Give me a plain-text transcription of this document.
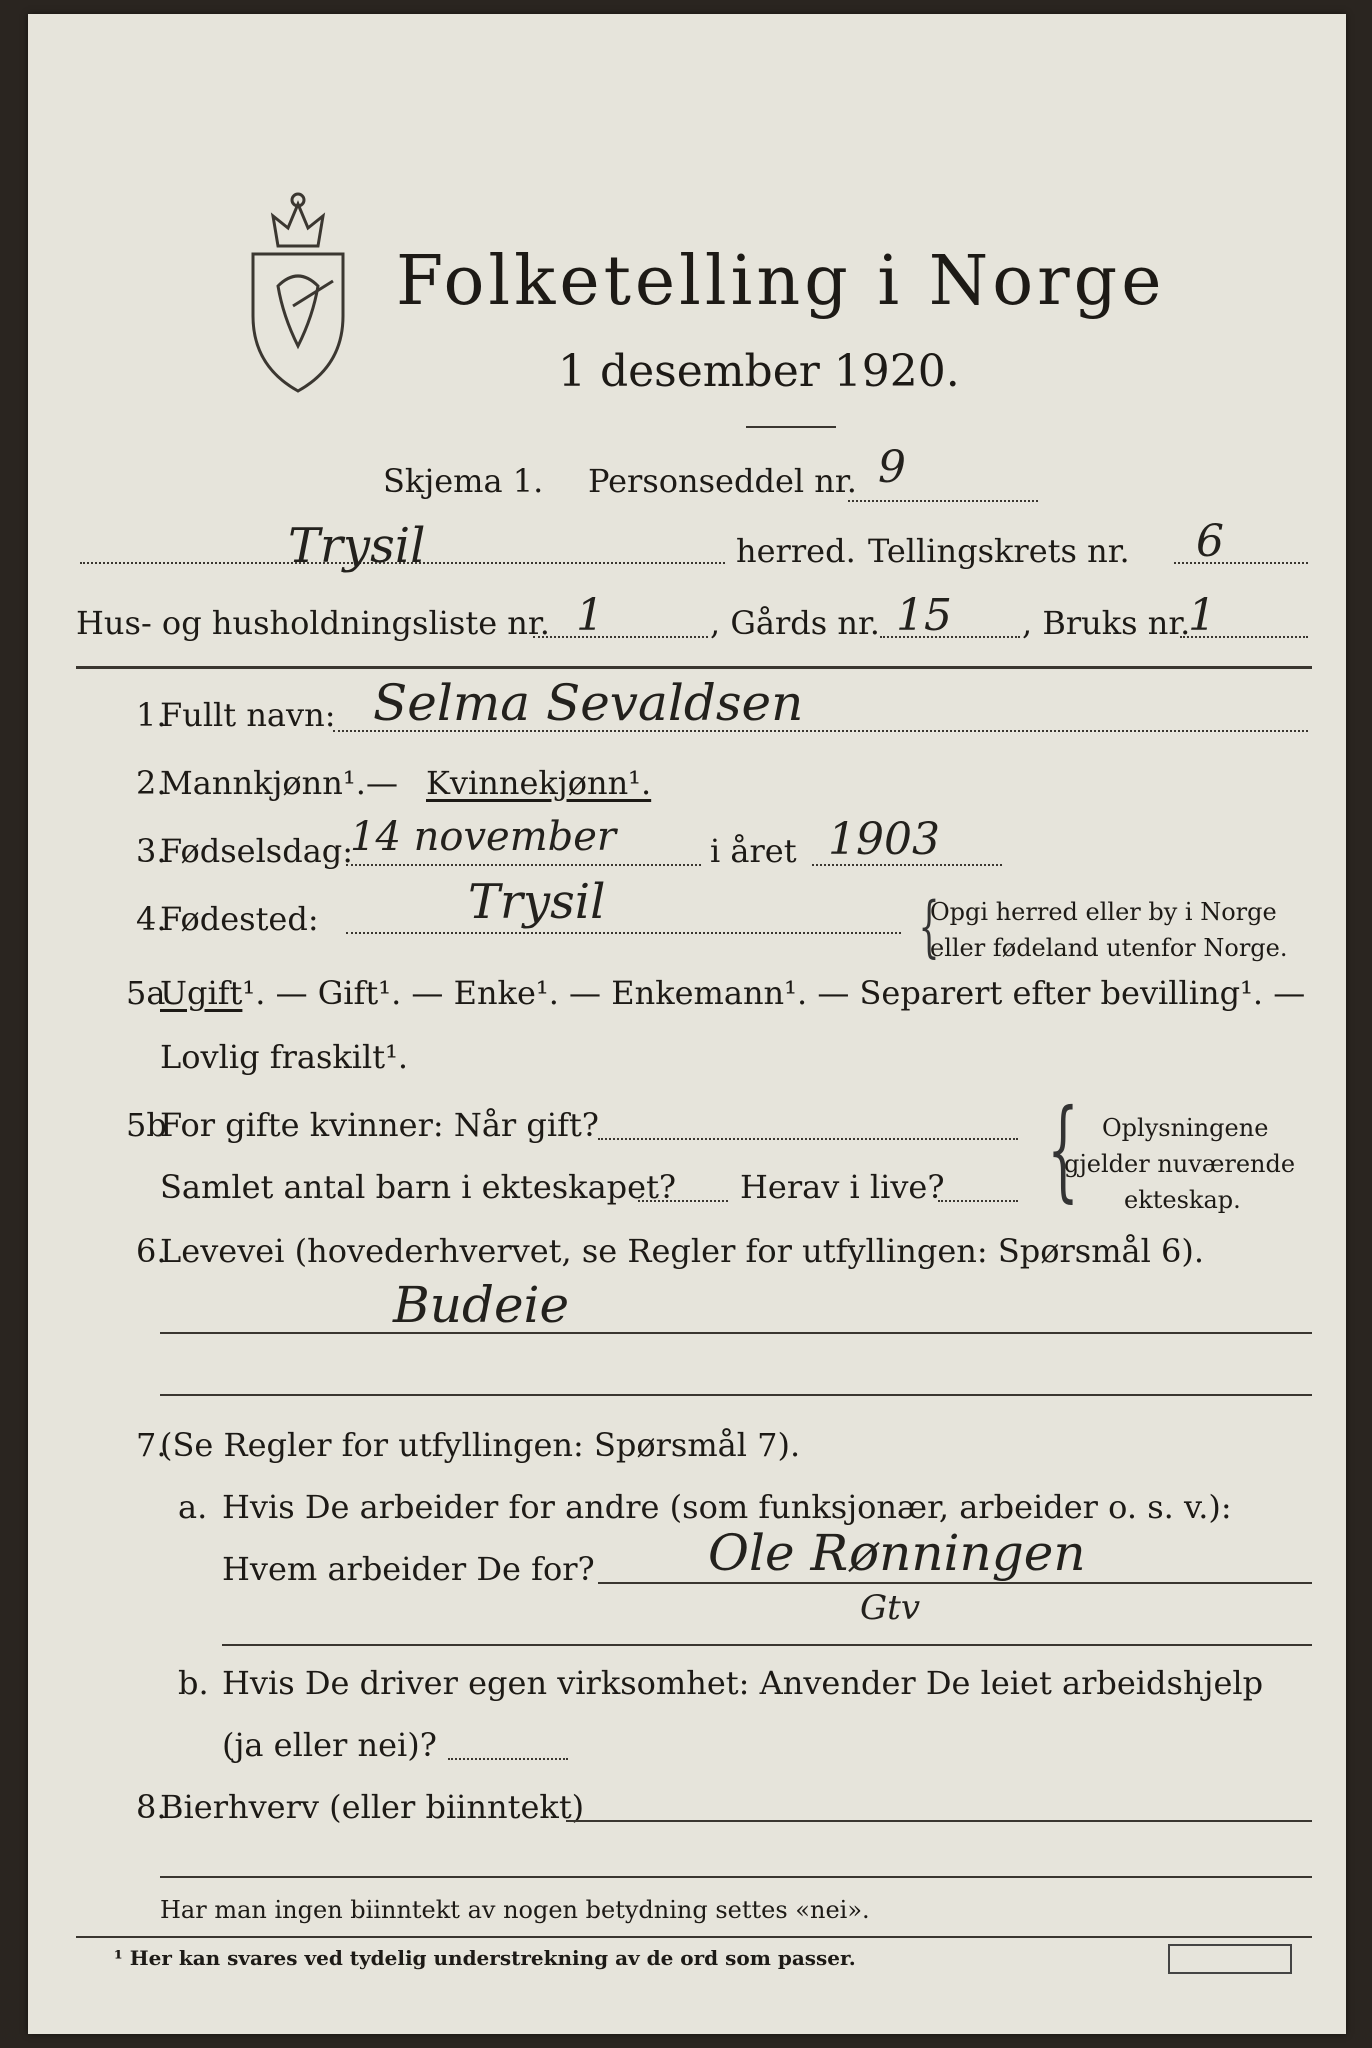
Folketelling i Norge
1 desember 1920.
Skjema 1. Personseddel nr. 9
Trysil	herred. Tellingskrets nr. 6
Hus- og husholdningsliste nr. 1	, Gårds nr. 15 , Bruks nr.
1
1.
Fullt navn: Selma Sevaldsen
2.
Mannkjønn¹. — Kvinnekjønn¹.
3.
Fødselsdag:
14 november	i året 1903
4.
Fødested:	Trysil	{
Opgi herred eller by i Norge
eller fødeland utenfor Norge.
5a
Ugift¹. — Gift¹. — Enke¹. — Enkemann¹. — Separert efter bevilling¹. —
Lovlig fraskilt¹.
5b
For gifte kvinner: Når gift?
Samlet antal barn i ekteskapet? Herav i live? { Oplysningene
gjelder nuværende
ekteskap.
6.
Levevei (hovederhvervet, se Regler for utfyllingen: Spørsmål 6).
Budeie
7.
(Se Regler for utfyllingen: Spørsmål 7).
a. Hvis De arbeider for andre (som funksjonær, arbeider o. s. v.):
Hvem arbeider De for? Ole Rønningen
Gtv
b. Hvis De driver egen virksomhet: Anvender De leiet arbeidshjelp
(ja eller nei)?
8.
Bierhverv (eller biinntekt)
Har man ingen biinntekt av nogen betydning settes «nei».
¹ Her kan svares ved tydelig understrekning av de ord som passer.
